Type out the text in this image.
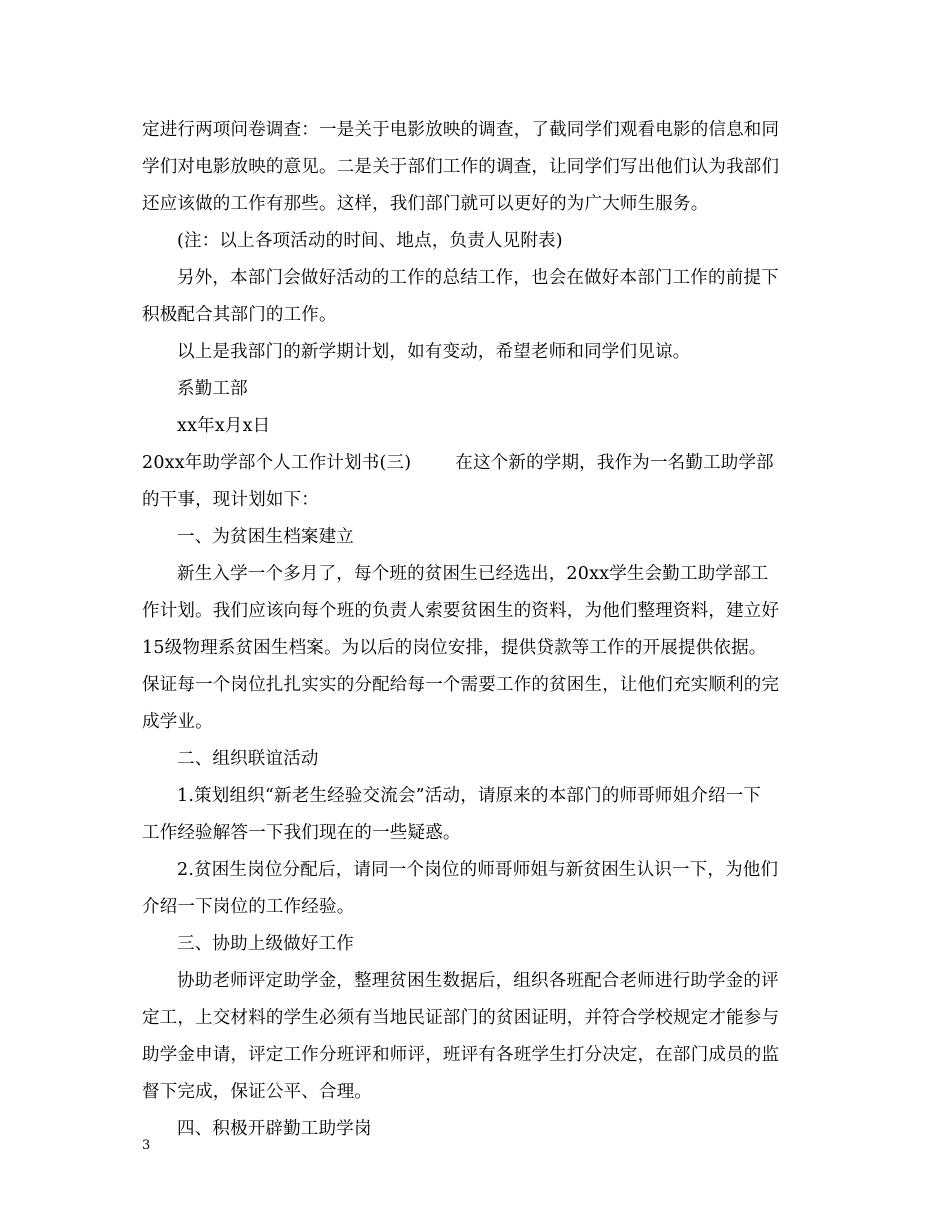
定进行两项问卷调查：一是关于电影放映的调查，了截同学们观看电影的信息和同
学们对电影放映的意见。二是关于部们工作的调查，让同学们写出他们认为我部们
还应该做的工作有那些。这样，我们部门就可以更好的为广大师生服务。
(注：以上各项活动的时间、地点，负责人见附表)
另外，本部门会做好活动的工作的总结工作，也会在做好本部门工作的前提下
积极配合其部门的工作。
以上是我部门的新学期计划，如有变动，希望老师和同学们见谅。
系勤工部
xx年x月x日
20xx年助学部个人工作计划书(三)	在这个新的学期，我作为一名勤工助学部
的干事，现计划如下：
一、为贫困生档案建立
新生入学一个多月了，每个班的贫困生已经选出，20xx学生会勤工助学部工
作计划。我们应该向每个班的负责人索要贫困生的资料，为他们整理资料，建立好
15级物理系贫困生档案。为以后的岗位安排，提供贷款等工作的开展提供依据。
保证每一个岗位扎扎实实的分配给每一个需要工作的贫困生，让他们充实顺利的完
成学业。
二、组织联谊活动
1.策划组织“新老生经验交流会”活动，请原来的本部门的师哥师姐介绍一下
工作经验解答一下我们现在的一些疑惑。
2.贫困生岗位分配后，请同一个岗位的师哥师姐与新贫困生认识一下，为他们
介绍一下岗位的工作经验。
三、协助上级做好工作
协助老师评定助学金，整理贫困生数据后，组织各班配合老师进行助学金的评
定工，上交材料的学生必须有当地民证部门的贫困证明，并符合学校规定才能参与
助学金申请，评定工作分班评和师评，班评有各班学生打分决定，在部门成员的监
督下完成，保证公平、合理。
四、积极开辟勤工助学岗
3
